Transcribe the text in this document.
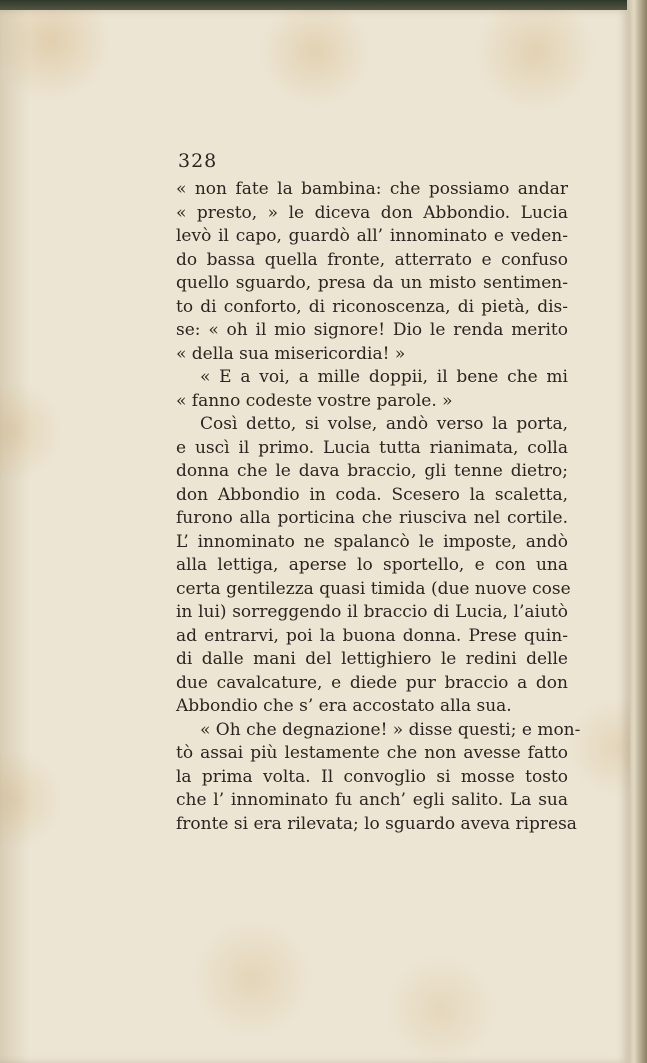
328
« non fate la bambina: che possiamo andar
« presto, » le diceva don Abbondio. Lucia
levò il capo, guardò all’ innominato e veden-
do bassa quella fronte, atterrato e confuso
quello sguardo, presa da un misto sentimen-
to di conforto, di riconoscenza, di pietà, dis-
se: « oh il mio signore! Dio le renda merito
« della sua misericordia! »
« E a voi, a mille doppii, il bene che mi
« fanno codeste vostre parole. »
Così detto, si volse, andò verso la porta,
e uscì il primo. Lucia tutta rianimata, colla
donna che le dava braccio, gli tenne dietro;
don Abbondio in coda. Scesero la scaletta,
furono alla porticina che riusciva nel cortile.
L’ innominato ne spalancò le imposte, andò
alla lettiga, aperse lo sportello, e con una
certa gentilezza quasi timida (due nuove cose
in lui) sorreggendo il braccio di Lucia, l’aiutò
ad entrarvi, poi la buona donna. Prese quin-
di dalle mani del lettighiero le redini delle
due cavalcature, e diede pur braccio a don
Abbondio che s’ era accostato alla sua.
« Oh che degnazione! » disse questi; e mon-
tò assai più lestamente che non avesse fatto
la prima volta. Il convoglio si mosse tosto
che l’ innominato fu anch’ egli salito. La sua
fronte si era rilevata; lo sguardo aveva ripresa
